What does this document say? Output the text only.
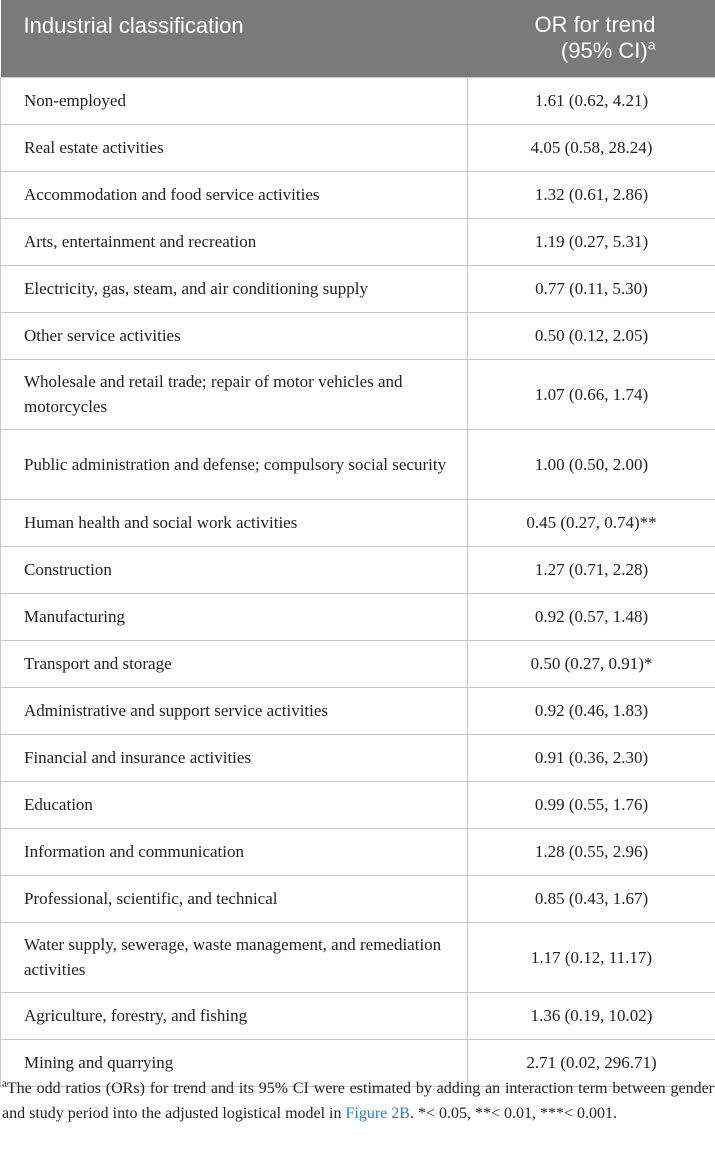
Industrial classification	OR for trend
(95% CI)$^a$

Non-employed	1.61 (0.62, 4.21)
Real estate activities	4.05 (0.58, 28.24)
Accommodation and food service activities	1.32 (0.61, 2.86)
Arts, entertainment and recreation	1.19 (0.27, 5.31)
Electricity, gas, steam, and air conditioning supply	0.77 (0.11, 5.30)
Other service activities	0.50 (0.12, 2.05)
Wholesale and retail trade; repair of motor vehicles and motorcycles	1.07 (0.66, 1.74)
Public administration and defense; compulsory social security	1.00 (0.50, 2.00)
Human health and social work activities	0.45 (0.27, 0.74)**
Construction	1.27 (0.71, 2.28)
Manufacturing	0.92 (0.57, 1.48)
Transport and storage	0.50 (0.27, 0.91)*
Administrative and support service activities	0.92 (0.46, 1.83)
Financial and insurance activities	0.91 (0.36, 2.30)
Education	0.99 (0.55, 1.76)
Information and communication	1.28 (0.55, 2.96)
Professional, scientific, and technical	0.85 (0.43, 1.67)
Water supply, sewerage, waste management, and remediation activities	1.17 (0.12, 11.17)
Agriculture, forestry, and fishing	1.36 (0.19, 10.02)
Mining and quarrying	2.71 (0.02, 296.71)
$^a$The odd ratios (ORs) for trend and its 95% CI were estimated by adding an interaction term between gender and study period into the adjusted logistical model in Figure 2B. *< 0.05, **< 0.01, ***< 0.001.
